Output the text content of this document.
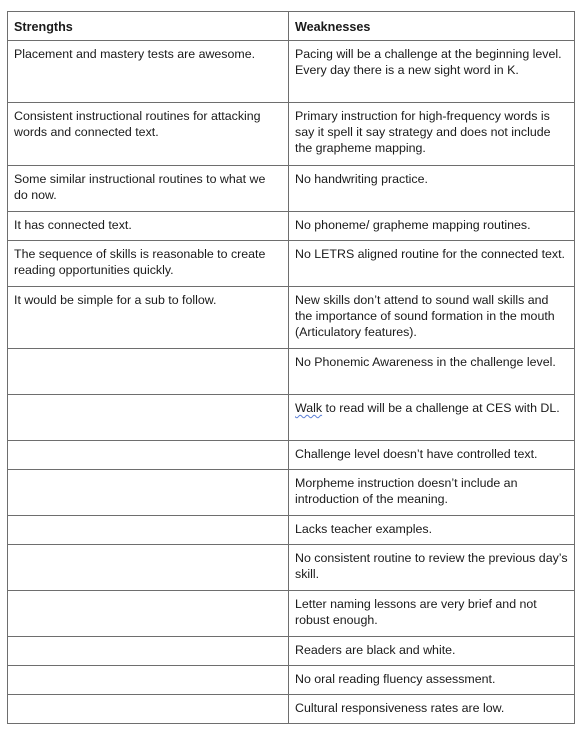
Strengths	Weaknesses
Placement and mastery tests are awesome.	Pacing will be a challenge at the beginning level. Every day there is a new sight word in K.
Consistent instructional routines for attacking words and connected text.	Primary instruction for high-frequency words is say it spell it say strategy and does not include the grapheme mapping.
Some similar instructional routines to what we do now.	No handwriting practice.
It has connected text.	No phoneme/ grapheme mapping routines.
The sequence of skills is reasonable to create reading opportunities quickly.	No LETRS aligned routine for the connected text.
It would be simple for a sub to follow.	New skills don’t attend to sound wall skills and the importance of sound formation in the mouth (Articulatory features).
	No Phonemic Awareness in the challenge level.
	Walk to read will be a challenge at CES with DL.
	Challenge level doesn’t have controlled text.
	Morpheme instruction doesn’t include an introduction of the meaning.
	Lacks teacher examples.
	No consistent routine to review the previous day’s skill.
	Letter naming lessons are very brief and not robust enough.
	Readers are black and white.
	No oral reading fluency assessment.
	Cultural responsiveness rates are low.
